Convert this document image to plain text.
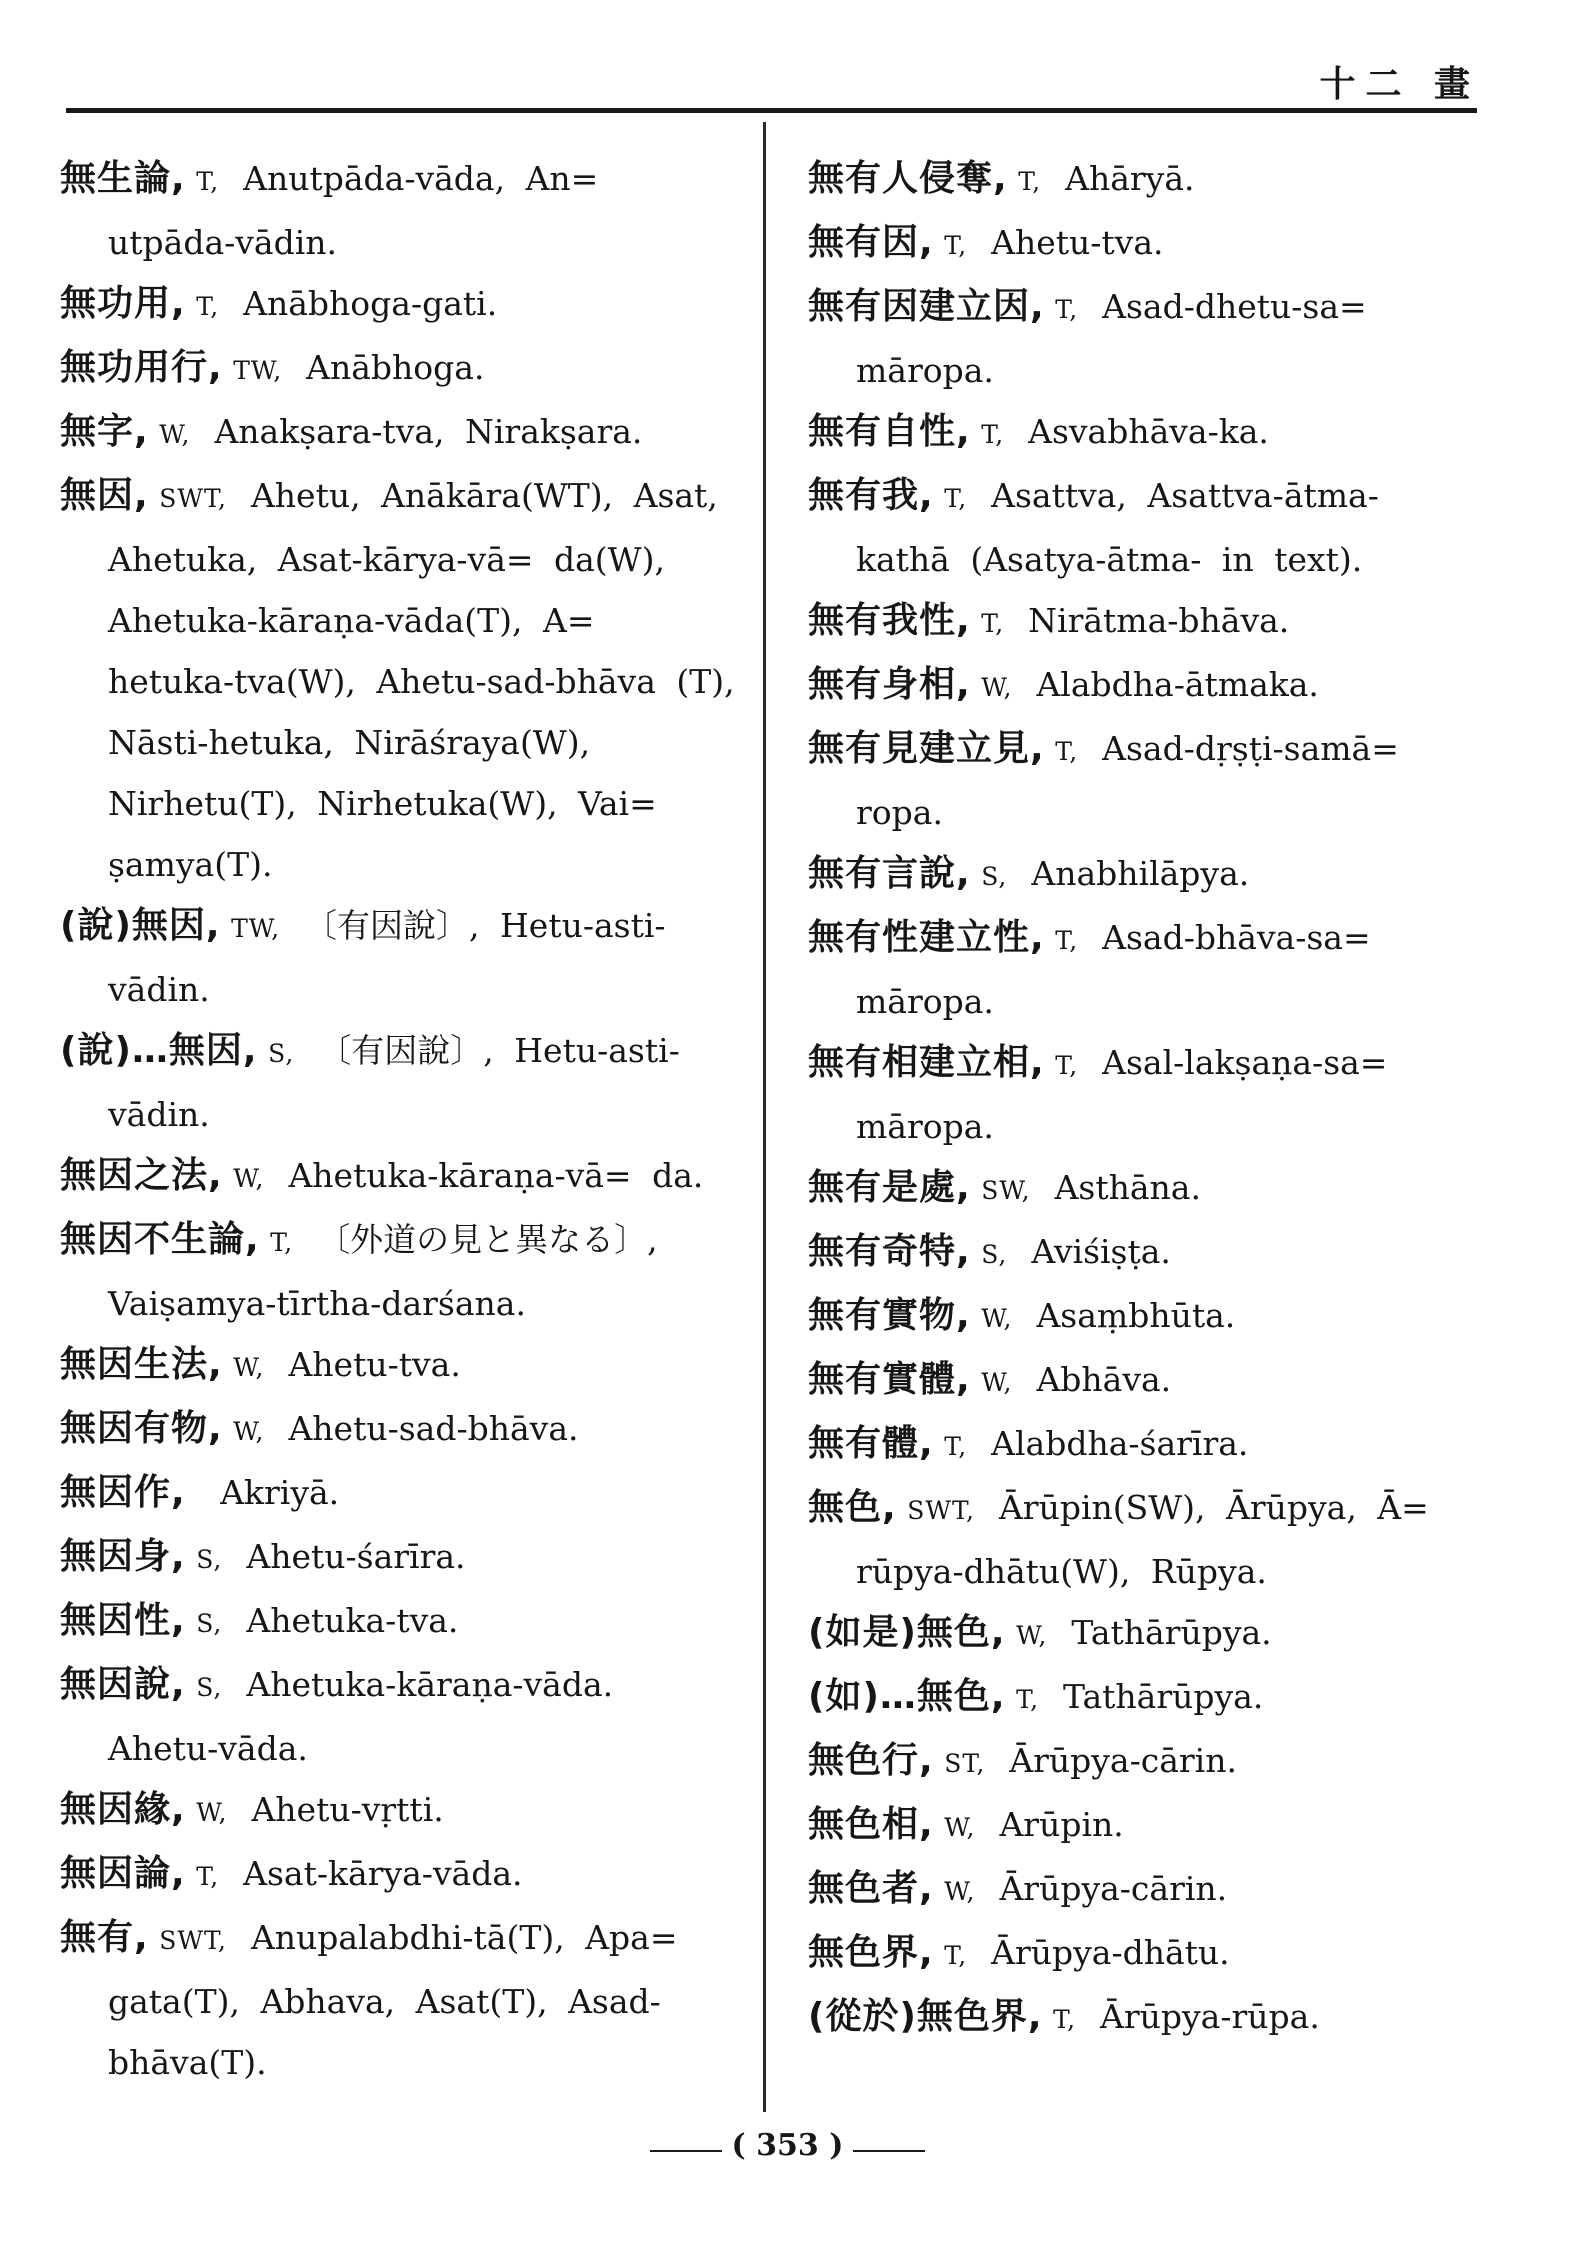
十二 畫
無生論, T, Anutpāda-vāda, An= utpāda-vādin.
無功用, T, Anābhoga-gati.
無功用行, TW, Anābhoga.
無字, W, Anakṣara-tva, Nirakṣara.
無因, SWT, Ahetu, Anākāra(WT), Asat, Ahetuka, Asat-kārya-vā= da(W), Ahetuka-kāraṇa-vāda(T), A= hetuka-tva(W), Ahetu-sad-bhāva (T), Nāsti-hetuka, Nirāśraya(W), Nirhetu(T), Nirhetuka(W), Vai= ṣamya(T).
(說)無因, TW, 〔有因說〕, Hetu-asti- vādin.
(說)…無因, S, 〔有因說〕, Hetu-asti- vādin.
無因之法, W, Ahetuka-kāraṇa-vā= da.
無因不生論, T, 〔外道の見と異なる〕, Vaiṣamya-tīrtha-darśana.
無因生法, W, Ahetu-tva.
無因有物, W, Ahetu-sad-bhāva.
無因作, Akriyā.
無因身, S, Ahetu-śarīra.
無因性, S, Ahetuka-tva.
無因說, S, Ahetuka-kāraṇa-vāda. Ahetu-vāda.
無因緣, W, Ahetu-vṛtti.
無因論, T, Asat-kārya-vāda.
無有, SWT, Anupalabdhi-tā(T), Apa= gata(T), Abhava, Asat(T), Asad- bhāva(T).
無有人侵奪, T, Ahāryā.
無有因, T, Ahetu-tva.
無有因建立因, T, Asad-dhetu-sa= māropa.
無有自性, T, Asvabhāva-ka.
無有我, T, Asattva, Asattva-ātma- kathā (Asatya-ātma- in text).
無有我性, T, Nirātma-bhāva.
無有身相, W, Alabdha-ātmaka.
無有見建立見, T, Asad-dṛṣṭi-samā= ropa.
無有言說, S, Anabhilāpya.
無有性建立性, T, Asad-bhāva-sa= māropa.
無有相建立相, T, Asal-lakṣaṇa-sa= māropa.
無有是處, SW, Asthāna.
無有奇特, S, Aviśiṣṭa.
無有實物, W, Asaṃbhūta.
無有實體, W, Abhāva.
無有體, T, Alabdha-śarīra.
無色, SWT, Ārūpin(SW), Ārūpya, Ā= rūpya-dhātu(W), Rūpya.
(如是)無色, W, Tathārūpya.
(如)…無色, T, Tathārūpya.
無色行, ST, Ārūpya-cārin.
無色相, W, Arūpin.
無色者, W, Ārūpya-cārin.
無色界, T, Ārūpya-dhātu.
(從於)無色界, T, Ārūpya-rūpa.
( 353 )
